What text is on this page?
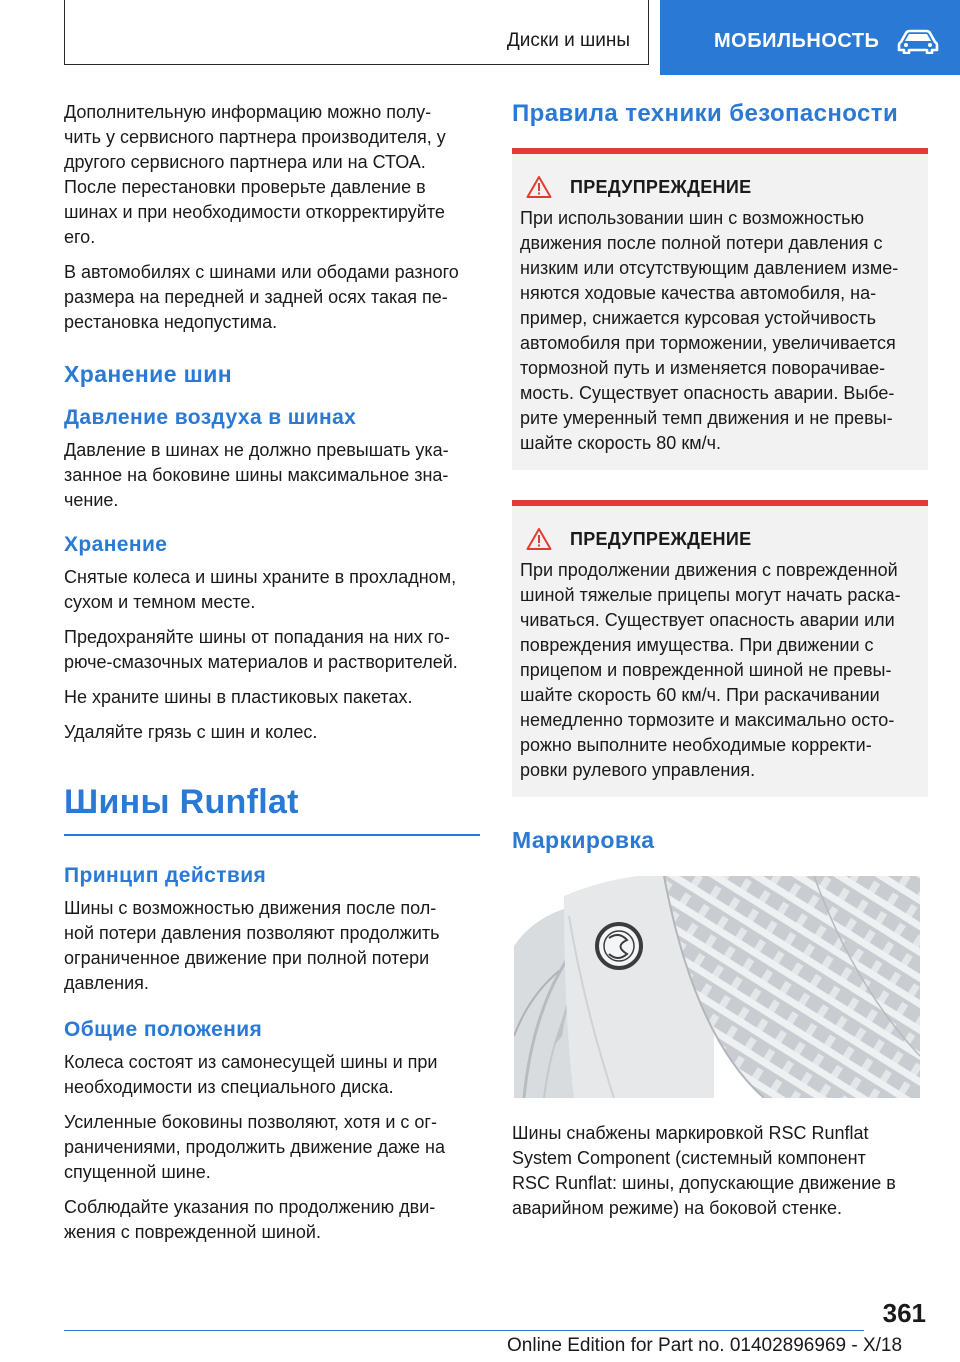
Диски и шины	МОБИЛЬНОСТЬ

Дополнительную информацию можно полу-
чить у сервисного партнера производителя, у
другого сервисного партнера или на СТОА.
После перестановки проверьте давление в
шинах и при необходимости откорректируйте
его.

В автомобилях с шинами или ободами разного
размера на передней и задней осях такая пе-
рестановка недопустима.

Хранение шин
Давление воздуха в шинах

Давление в шинах не должно превышать ука-
занное на боковине шины максимальное зна-
чение.

Хранение

Снятые колеса и шины храните в прохладном,
сухом и темном месте.

Предохраняйте шины от попадания на них го-
рюче-смазочных материалов и растворителей.

Не храните шины в пластиковых пакетах.

Удаляйте грязь с шин и колес.

Шины Runflat
Принцип действия

Шины с возможностью движения после пол-
ной потери давления позволяют продолжить
ограниченное движение при полной потери
давления.

Общие положения

Колеса состоят из самонесущей шины и при
необходимости из специального диска.

Усиленные боковины позволяют, хотя и с ог-
раничениями, продолжить движение даже на
спущенной шине.

Соблюдайте указания по продолжению дви-
жения с поврежденной шиной.

Правила техники безопасности
ПРЕДУПРЕЖДЕНИЕ

При использовании шин с возможностью
движения после полной потери давления с
низким или отсутствующим давлением изме-
няются ходовые качества автомобиля, на-
пример, снижается курсовая устойчивость
автомобиля при торможении, увеличивается
тормозной путь и изменяется поворачивае-
мость. Существует опасность аварии. Выбе-
рите умеренный темп движения и не превы-
шайте скорость 80 км/ч.

ПРЕДУПРЕЖДЕНИЕ

При продолжении движения с поврежденной
шиной тяжелые прицепы могут начать раска-
чиваться. Существует опасность аварии или
повреждения имущества. При движении с
прицепом и поврежденной шиной не превы-
шайте скорость 60 км/ч. При раскачивании
немедленно тормозите и максимально осто-
рожно выполните необходимые корректи-
ровки рулевого управления.

Маркировка

Шины снабжены маркировкой RSC Runflat
System Component (системный компонент
RSC Runflat: шины, допускающие движение в
аварийном режиме) на боковой стенке.

361
Online Edition for Part no. 01402896969 - X/18
